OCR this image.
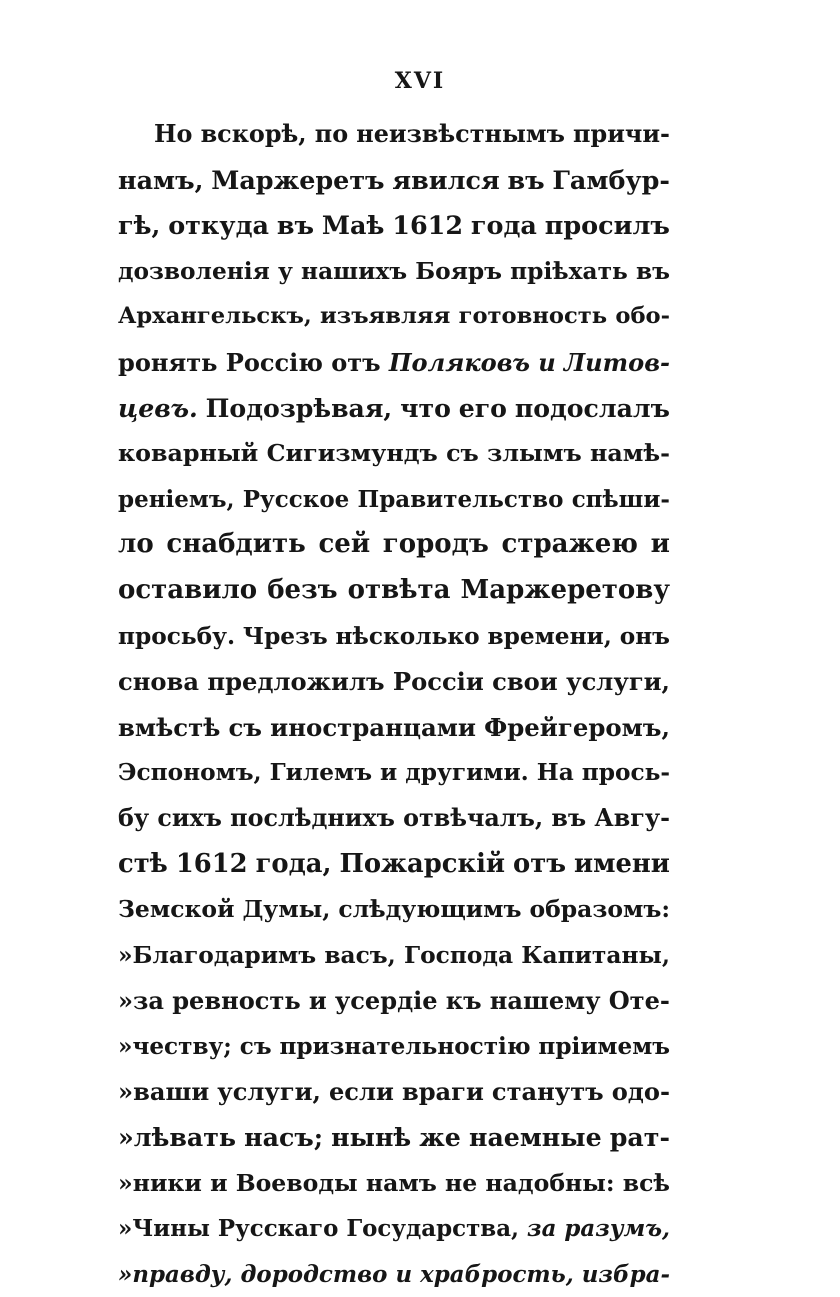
XVI
Но вскорѣ, по неизвѣстнымъ причи-
намъ, Маржеретъ явился въ Гамбур-
гѣ, откуда въ Маѣ 1612 года просилъ
дозволенія у нашихъ Бояръ пріѣхать въ
Архангельскъ, изъявляя готовность обо-
ронять Россію отъ Поляковъ и Литов-
цевъ. Подозрѣвая, что его подослалъ
коварный Сигизмундъ съ злымъ намѣ-
реніемъ, Русское Правительство спѣши-
ло снабдить сей городъ стражею и
оставило безъ отвѣта Маржеретову
просьбу. Чрезъ нѣсколько времени, онъ
снова предложилъ Россіи свои услуги,
вмѣстѣ съ иностранцами Фрейгеромъ,
Эспономъ, Гилемъ и другими. На прось-
бу сихъ послѣднихъ отвѣчалъ, въ Авгу-
стѣ 1612 года, Пожарскій отъ имени
Земской Думы, слѣдующимъ образомъ:
»Благодаримъ васъ, Господа Капитаны,
»за ревность и усердіе къ нашему Оте-
»честву; съ признательностію пріимемъ
»ваши услуги, если враги станутъ одо-
»лѣвать насъ; нынѣ же наемные рат-
»ники и Воеводы намъ не надобны: всѣ
»Чины Русскаго Государства, за разумъ,
»правду, дородство и храбрость, избра-
